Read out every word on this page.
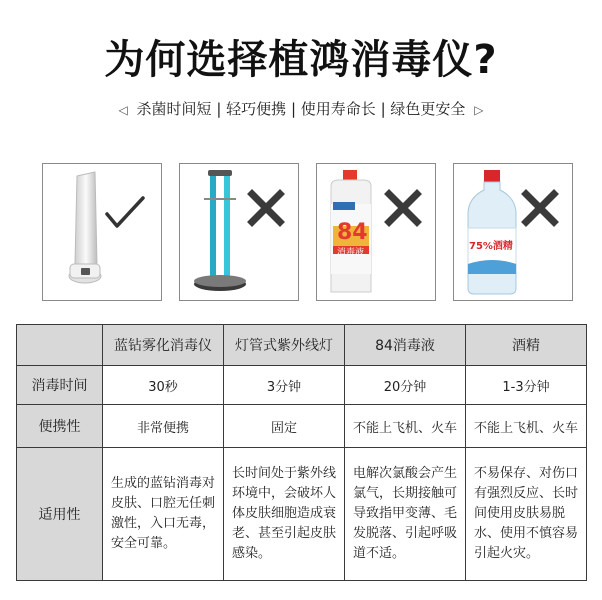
为何选择植鸿消毒仪?
◁ 杀菌时间短 | 轻巧便携 | 使用寿命长 | 绿色更安全 ▷
84
消毒液
75%酒精
	蓝钻雾化消毒仪	灯管式紫外线灯	84消毒液	酒精
消毒时间	30秒	3分钟	20分钟	1-3分钟
便携性	非常便携	固定	不能上飞机、火车	不能上飞机、火车
适用性	生成的蓝钻消毒对皮肤、口腔无任刺激性，入口无毒，安全可靠。	长时间处于紫外线环境中，会破坏人体皮肤细胞造成衰老、甚至引起皮肤感染。	电解次氯酸会产生氯气，长期接触可导致指甲变薄、毛发脱落、引起呼吸道不适。	不易保存、对伤口有强烈反应、长时间使用皮肤易脱水、使用不慎容易引起火灾。
